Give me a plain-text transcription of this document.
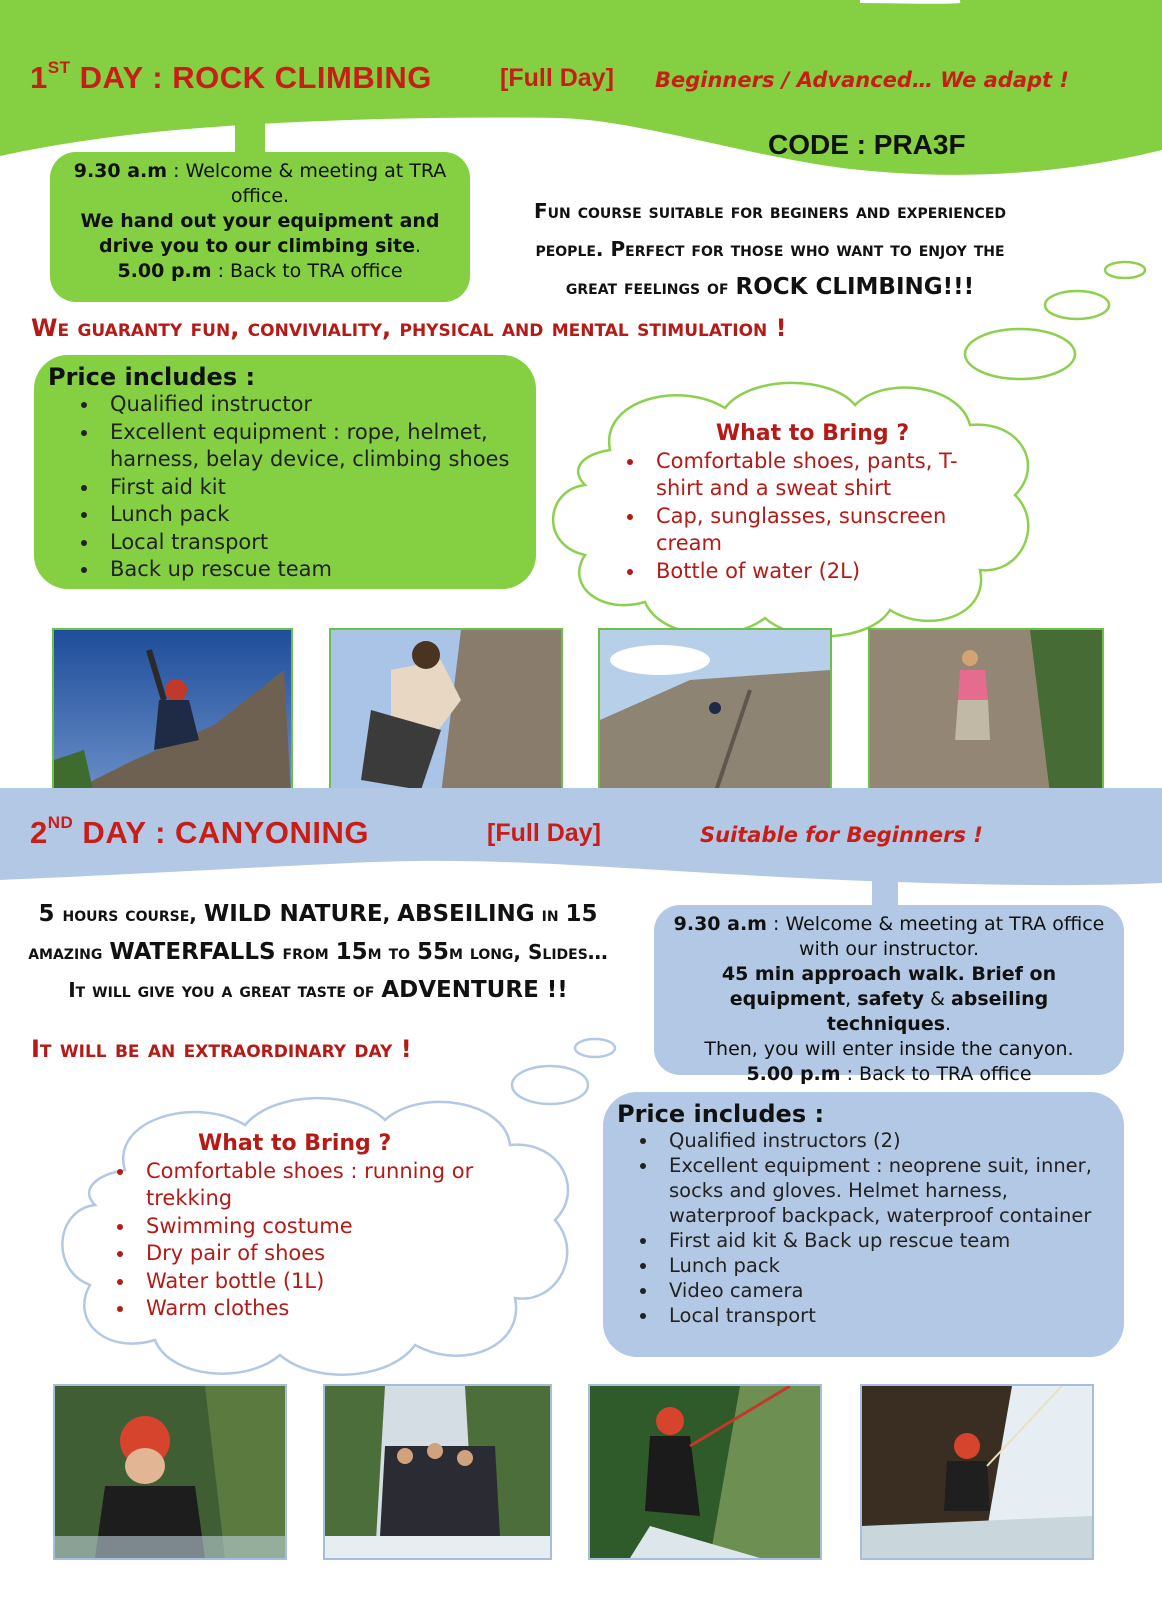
1ST DAY : ROCK CLIMBING	[Full Day] Beginners / Advanced… We adapt !
CODE : PRA3F
9.30 a.m : Welcome & meeting at TRA office.
We hand out your equipment and drive you to our climbing site.
5.00 p.m : Back to TRA office
Fun course suitable for beginers and experienced
people. Perfect for those who want to enjoy the
great feelings of ROCK CLIMBING!!!
We guaranty fun, conviviality, physical and mental stimulation !
Price includes :
• Qualified instructor
• Excellent equipment : rope, helmet, harness, belay device, climbing shoes
• First aid kit
• Lunch pack
• Local transport
• Back up rescue team
What to Bring ?
• Comfortable shoes, pants, T-shirt and a sweat shirt
• Cap, sunglasses, sunscreen cream
• Bottle of water (2L)
2ND DAY : CANYONING	[Full Day]	Suitable for Beginners !
5 hours course, WILD NATURE, ABSEILING in 15
amazing WATERFALLS from 15m to 55m long, Slides…
It will give you a great taste of ADVENTURE !!
It will be an extraordinary day !
9.30 a.m : Welcome & meeting at TRA office with our instructor.
45 min approach walk. Brief on equipment, safety & abseiling techniques.
Then, you will enter inside the canyon.
5.00 p.m : Back to TRA office
What to Bring ?
• Comfortable shoes : running or trekking
• Swimming costume
• Dry pair of shoes
• Water bottle (1L)
• Warm clothes
Price includes :
• Qualified instructors (2)
• Excellent equipment : neoprene suit, inner, socks and gloves. Helmet harness, waterproof backpack, waterproof container
• First aid kit & Back up rescue team
• Lunch pack
• Video camera
• Local transport
